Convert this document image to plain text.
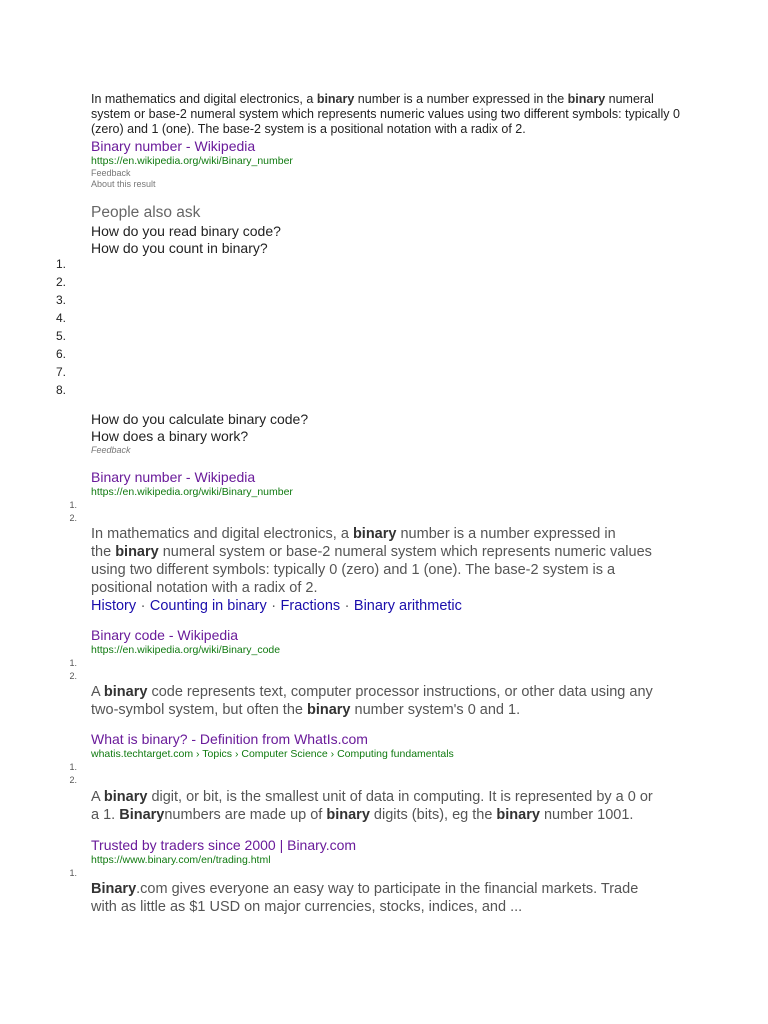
In mathematics and digital electronics, a binary number is a number expressed in the binary numeral system or base-2 numeral system which represents numeric values using two different symbols: typically 0 (zero) and 1 (one). The base-2 system is a positional notation with a radix of 2.
Binary number - Wikipedia
https://en.wikipedia.org/wiki/Binary_number
Feedback
About this result
People also ask
How do you read binary code?
How do you count in binary?
1.
2.
3.
4.
5.
6.
7.
8.
How do you calculate binary code?
How does a binary work?
Feedback
Binary number - Wikipedia
https://en.wikipedia.org/wiki/Binary_number
1.
2.
In mathematics and digital electronics, a binary number is a number expressed in
the binary numeral system or base-2 numeral system which represents numeric values
using two different symbols: typically 0 (zero) and 1 (one). The base-2 system is a
positional notation with a radix of 2.
History · Counting in binary · Fractions · Binary arithmetic
Binary code - Wikipedia
https://en.wikipedia.org/wiki/Binary_code
1.
2.
A binary code represents text, computer processor instructions, or other data using any
two-symbol system, but often the binary number system's 0 and 1.
What is binary? - Definition from WhatIs.com
whatis.techtarget.com › Topics › Computer Science › Computing fundamentals
1.
2.
A binary digit, or bit, is the smallest unit of data in computing. It is represented by a 0 or
a 1. Binarynumbers are made up of binary digits (bits), eg the binary number 1001.
Trusted by traders since 2000 | Binary.com
https://www.binary.com/en/trading.html
1.
Binary.com gives everyone an easy way to participate in the financial markets. Trade
with as little as $1 USD on major currencies, stocks, indices, and ...
